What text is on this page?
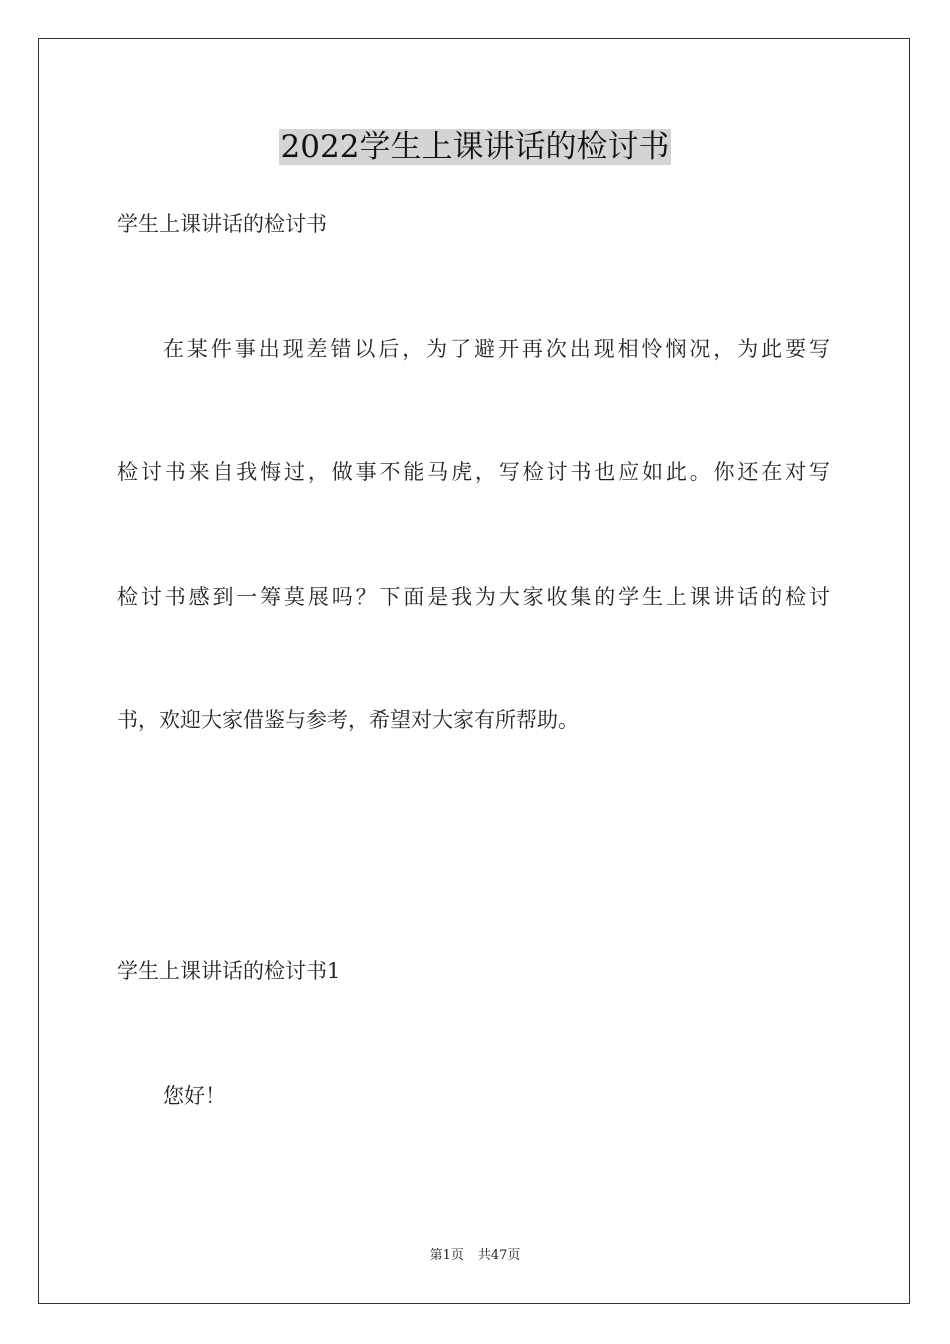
2022学生上课讲话的检讨书
学生上课讲话的检讨书
在某件事出现差错以后，为了避开再次出现相怜悯况，为此要写
检讨书来自我悔过，做事不能马虎，写检讨书也应如此。你还在对写
检讨书感到一筹莫展吗？下面是我为大家收集的学生上课讲话的检讨
书，欢迎大家借鉴与参考，希望对大家有所帮助。
学生上课讲话的检讨书1
您好！
第1页 共47页
